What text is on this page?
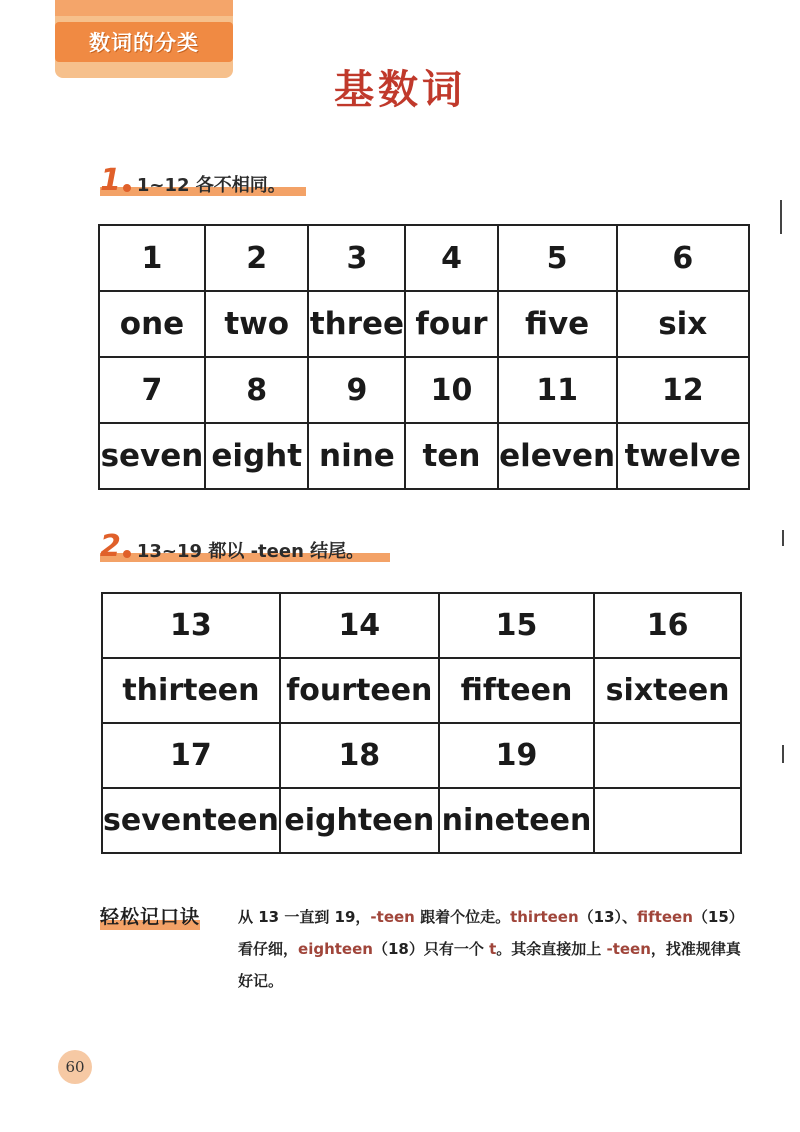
数词的分类
基数词
1 1~12 各不相同。
1	2	3	4	5	6
one	two	three	four	five	six
7	8	9	10	11	12
seven	eight	nine	ten	eleven	twelve
2 13~19 都以 -teen 结尾。
13	14	15	16
thirteen	fourteen	fifteen	sixteen
17	18	19	
seventeen	eighteen	nineteen	
轻松记口诀	从 13 一直到 19，-teen 跟着个位走。thirteen（13）、fifteen（15）看仔细，eighteen（18）只有一个 t。其余直接加上 -teen，找准规律真好记。
60
